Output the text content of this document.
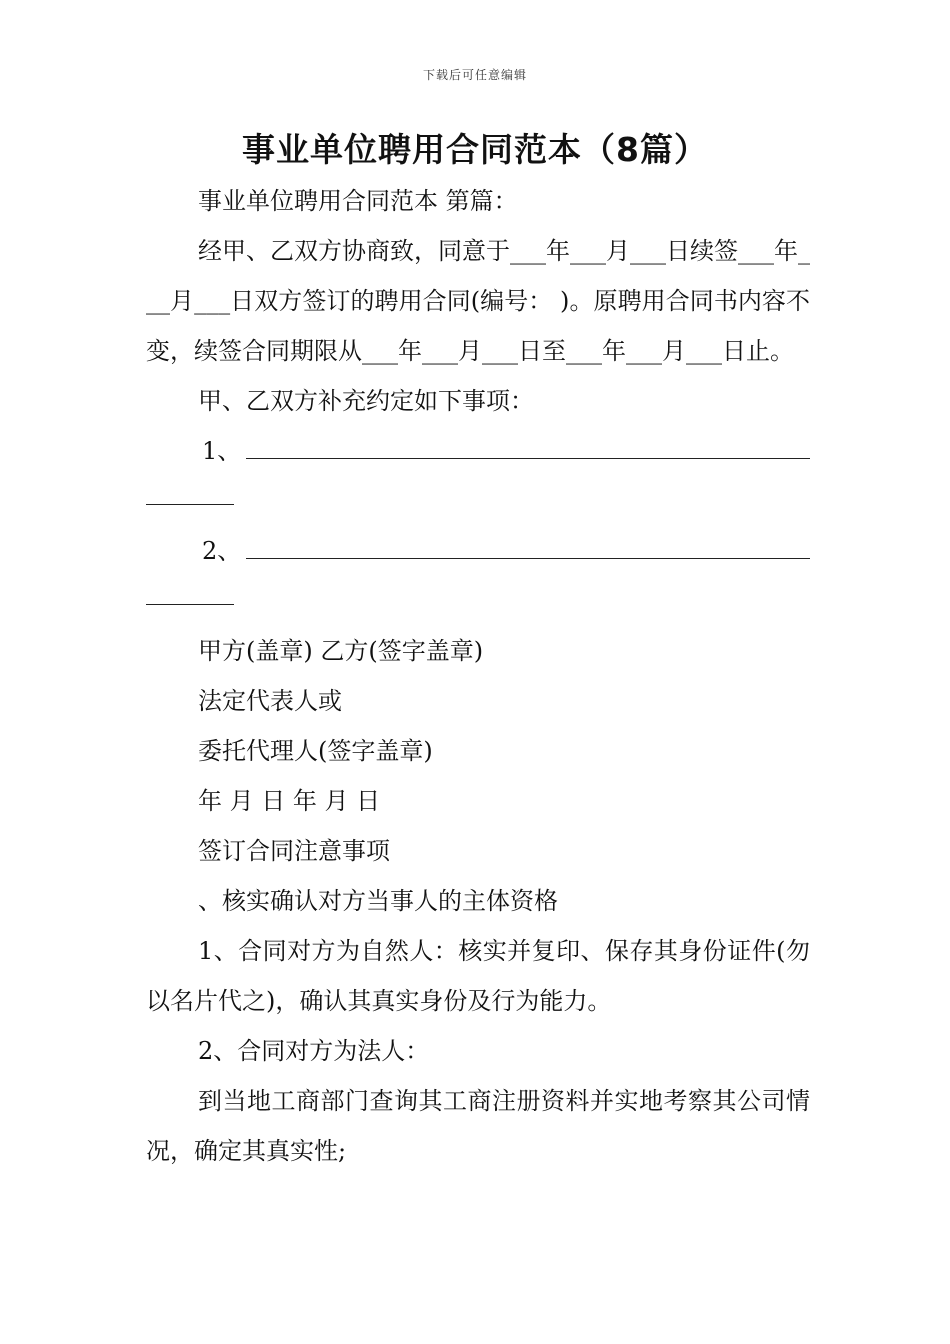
下载后可任意编辑
事业单位聘用合同范本（8篇）

事业单位聘用合同范本 第篇：

经甲、乙双方协商致，同意于___年___月___日续签___年___月___日双方签订的聘用合同(编号： )。原聘用合同书内容不变，续签合同期限从___年___月___日至___年___月___日止。

甲、乙双方补充约定如下事项：

1、
2、

甲方(盖章) 乙方(签字盖章)

法定代表人或

委托代理人(签字盖章)

年 月 日 年 月 日

签订合同注意事项

、核实确认对方当事人的主体资格

1、合同对方为自然人：核实并复印、保存其身份证件(勿以名片代之)，确认其真实身份及行为能力。

2、合同对方为法人：

到当地工商部门查询其工商注册资料并实地考察其公司情况，确定其真实性;
